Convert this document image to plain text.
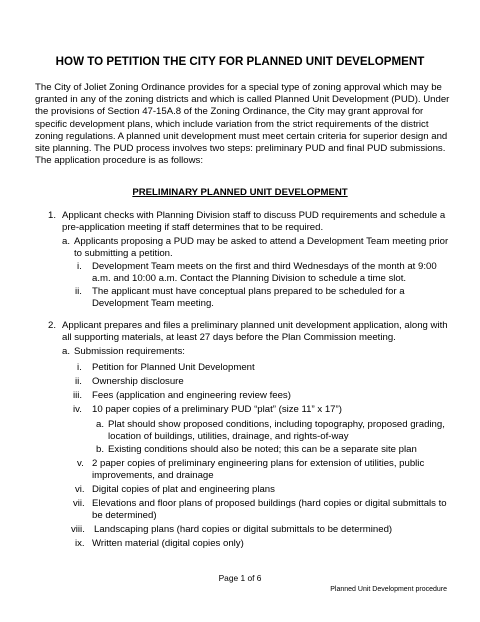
HOW TO PETITION THE CITY FOR PLANNED UNIT DEVELOPMENT
The City of Joliet Zoning Ordinance provides for a special type of zoning approval which may be granted in any of the zoning districts and which is called Planned Unit Development (PUD). Under the provisions of Section 47-15A.8 of the Zoning Ordinance, the City may grant approval for specific development plans, which include variation from the strict requirements of the district zoning regulations. A planned unit development must meet certain criteria for superior design and site planning. The PUD process involves two steps: preliminary PUD and final PUD submissions. The application procedure is as follows:
PRELIMINARY PLANNED UNIT DEVELOPMENT
1. Applicant checks with Planning Division staff to discuss PUD requirements and schedule a pre-application meeting if staff determines that to be required.
a. Applicants proposing a PUD may be asked to attend a Development Team meeting prior to submitting a petition.
i. Development Team meets on the first and third Wednesdays of the month at 9:00 a.m. and 10:00 a.m. Contact the Planning Division to schedule a time slot.
ii. The applicant must have conceptual plans prepared to be scheduled for a Development Team meeting.
2. Applicant prepares and files a preliminary planned unit development application, along with all supporting materials, at least 27 days before the Plan Commission meeting.
a. Submission requirements:
i. Petition for Planned Unit Development
ii. Ownership disclosure
iii. Fees (application and engineering review fees)
iv. 10 paper copies of a preliminary PUD “plat” (size 11” x 17”)
a. Plat should show proposed conditions, including topography, proposed grading, location of buildings, utilities, drainage, and rights-of-way
b. Existing conditions should also be noted; this can be a separate site plan
v. 2 paper copies of preliminary engineering plans for extension of utilities, public improvements, and drainage
vi. Digital copies of plat and engineering plans
vii. Elevations and floor plans of proposed buildings (hard copies or digital submittals to be determined)
viii. Landscaping plans (hard copies or digital submittals to be determined)
ix. Written material (digital copies only)
Page 1 of 6
Planned Unit Development procedure
